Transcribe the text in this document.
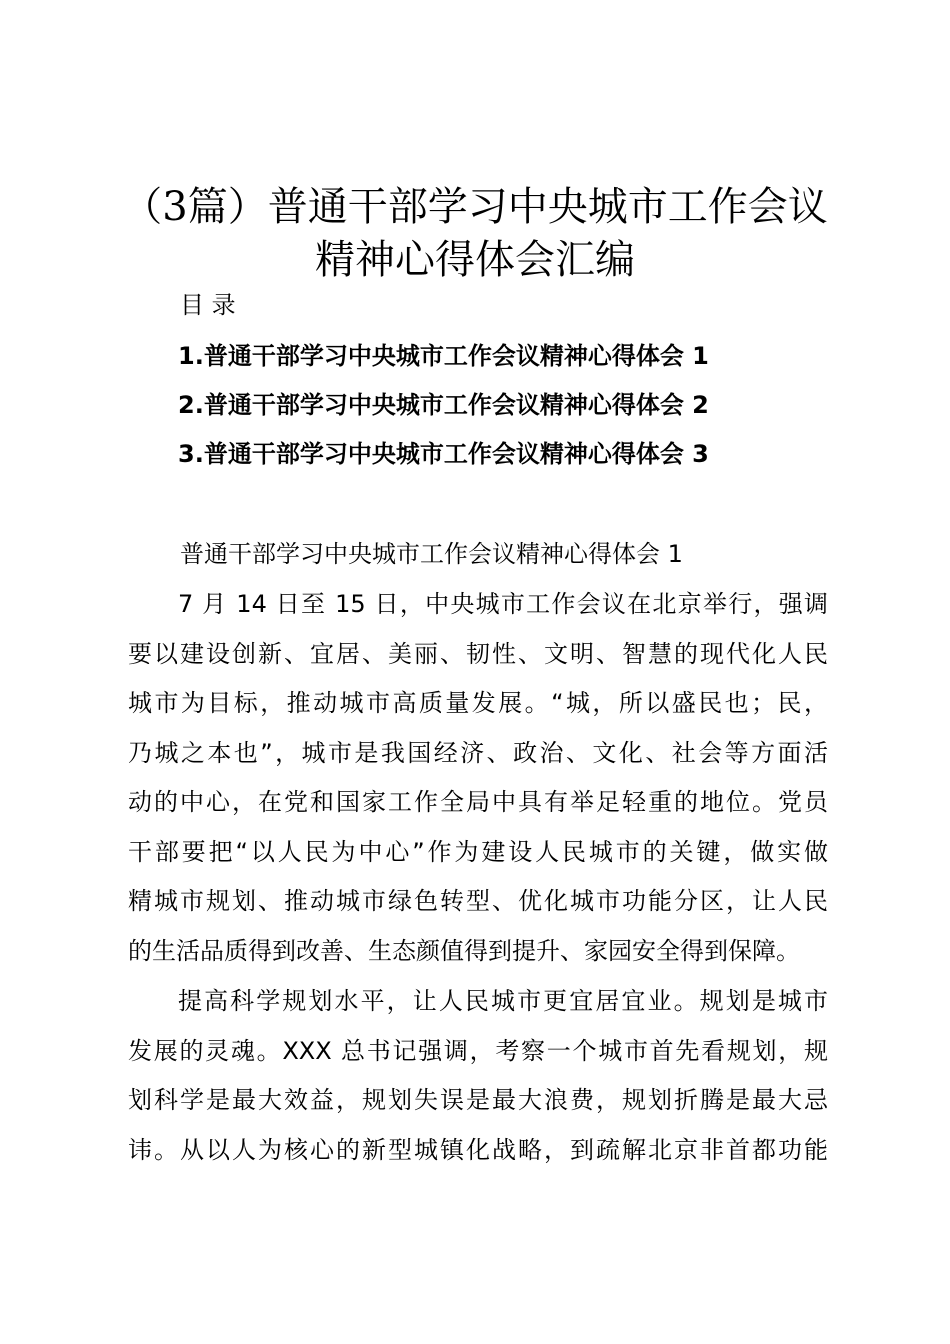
（3篇）普通干部学习中央城市工作会议
精神心得体会汇编
目 录
1.普通干部学习中央城市工作会议精神心得体会 1
2.普通干部学习中央城市工作会议精神心得体会 2
3.普通干部学习中央城市工作会议精神心得体会 3
普通干部学习中央城市工作会议精神心得体会 1
7 月 14 日至 15 日，中央城市工作会议在北京举行，强调
要以建设创新、宜居、美丽、韧性、文明、智慧的现代化人民
城市为目标，推动城市高质量发展。“城，所以盛民也；民，
乃城之本也”，城市是我国经济、政治、文化、社会等方面活
动的中心，在党和国家工作全局中具有举足轻重的地位。党员
干部要把“以人民为中心”作为建设人民城市的关键，做实做
精城市规划、推动城市绿色转型、优化城市功能分区，让人民
的生活品质得到改善、生态颜值得到提升、家园安全得到保障。
提高科学规划水平，让人民城市更宜居宜业。规划是城市
发展的灵魂。XXX 总书记强调，考察一个城市首先看规划，规
划科学是最大效益，规划失误是最大浪费，规划折腾是最大忌
讳。从以人为核心的新型城镇化战略，到疏解北京非首都功能
